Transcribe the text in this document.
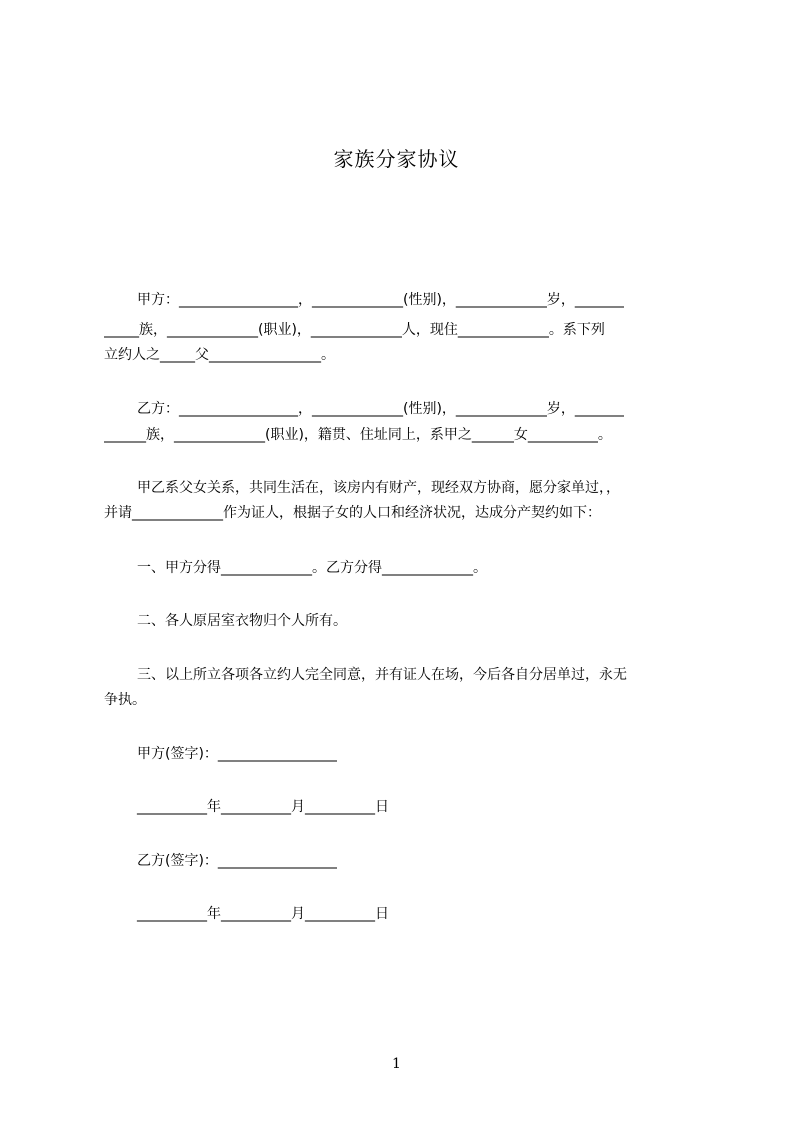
家族分家协议
甲方：_________________，_____________(性别)，_____________岁，_______
_____族，_____________(职业)，_____________人，现住_____________。系下列
立约人之_____父________________。
乙方：_________________，_____________(性别)，_____________岁，_______
______族，_____________(职业)，籍贯、住址同上，系甲之______女__________。
甲乙系父女关系，共同生活在，该房内有财产，现经双方协商，愿分家单过，，
并请_____________作为证人，根据子女的人口和经济状况，达成分产契约如下：
一、甲方分得_____________。乙方分得_____________。
二、各人原居室衣物归个人所有。
三、以上所立各项各立约人完全同意，并有证人在场，今后各自分居单过，永无
争执。
甲方(签字)：_________________
__________年__________月__________日
乙方(签字)：_________________
__________年__________月__________日
1
